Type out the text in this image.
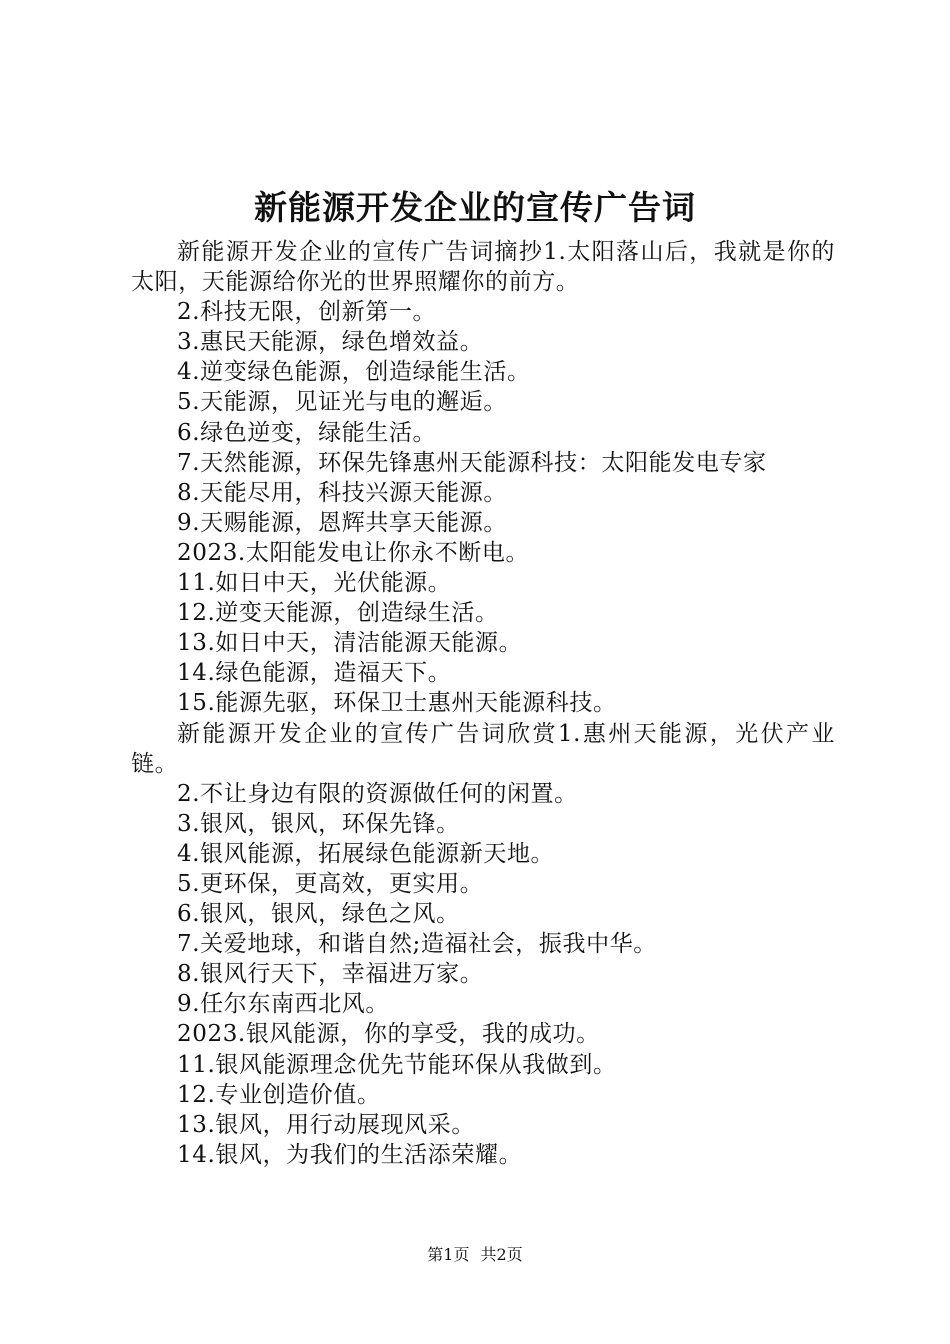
新能源开发企业的宣传广告词

新能源开发企业的宣传广告词摘抄1.太阳落山后，我就是你的太阳，天能源给你光的世界照耀你的前方。

2.科技无限，创新第一。

3.惠民天能源，绿色增效益。

4.逆变绿色能源，创造绿能生活。

5.天能源，见证光与电的邂逅。

6.绿色逆变，绿能生活。

7.天然能源，环保先锋惠州天能源科技：太阳能发电专家

8.天能尽用，科技兴源天能源。

9.天赐能源，恩辉共享天能源。

2023.太阳能发电让你永不断电。

11.如日中天，光伏能源。

12.逆变天能源，创造绿生活。

13.如日中天，清洁能源天能源。

14.绿色能源，造福天下。

15.能源先驱，环保卫士惠州天能源科技。

新能源开发企业的宣传广告词欣赏1.惠州天能源，光伏产业链。

2.不让身边有限的资源做任何的闲置。

3.银风，银风，环保先锋。

4.银风能源，拓展绿色能源新天地。

5.更环保，更高效，更实用。

6.银风，银风，绿色之风。

7.关爱地球，和谐自然;造福社会，振我中华。

8.银风行天下，幸福进万家。

9.任尔东南西北风。

2023.银风能源，你的享受，我的成功。

11.银风能源理念优先节能环保从我做到。

12.专业创造价值。

13.银风，用行动展现风采。

14.银风，为我们的生活添荣耀。

第1页 共2页
